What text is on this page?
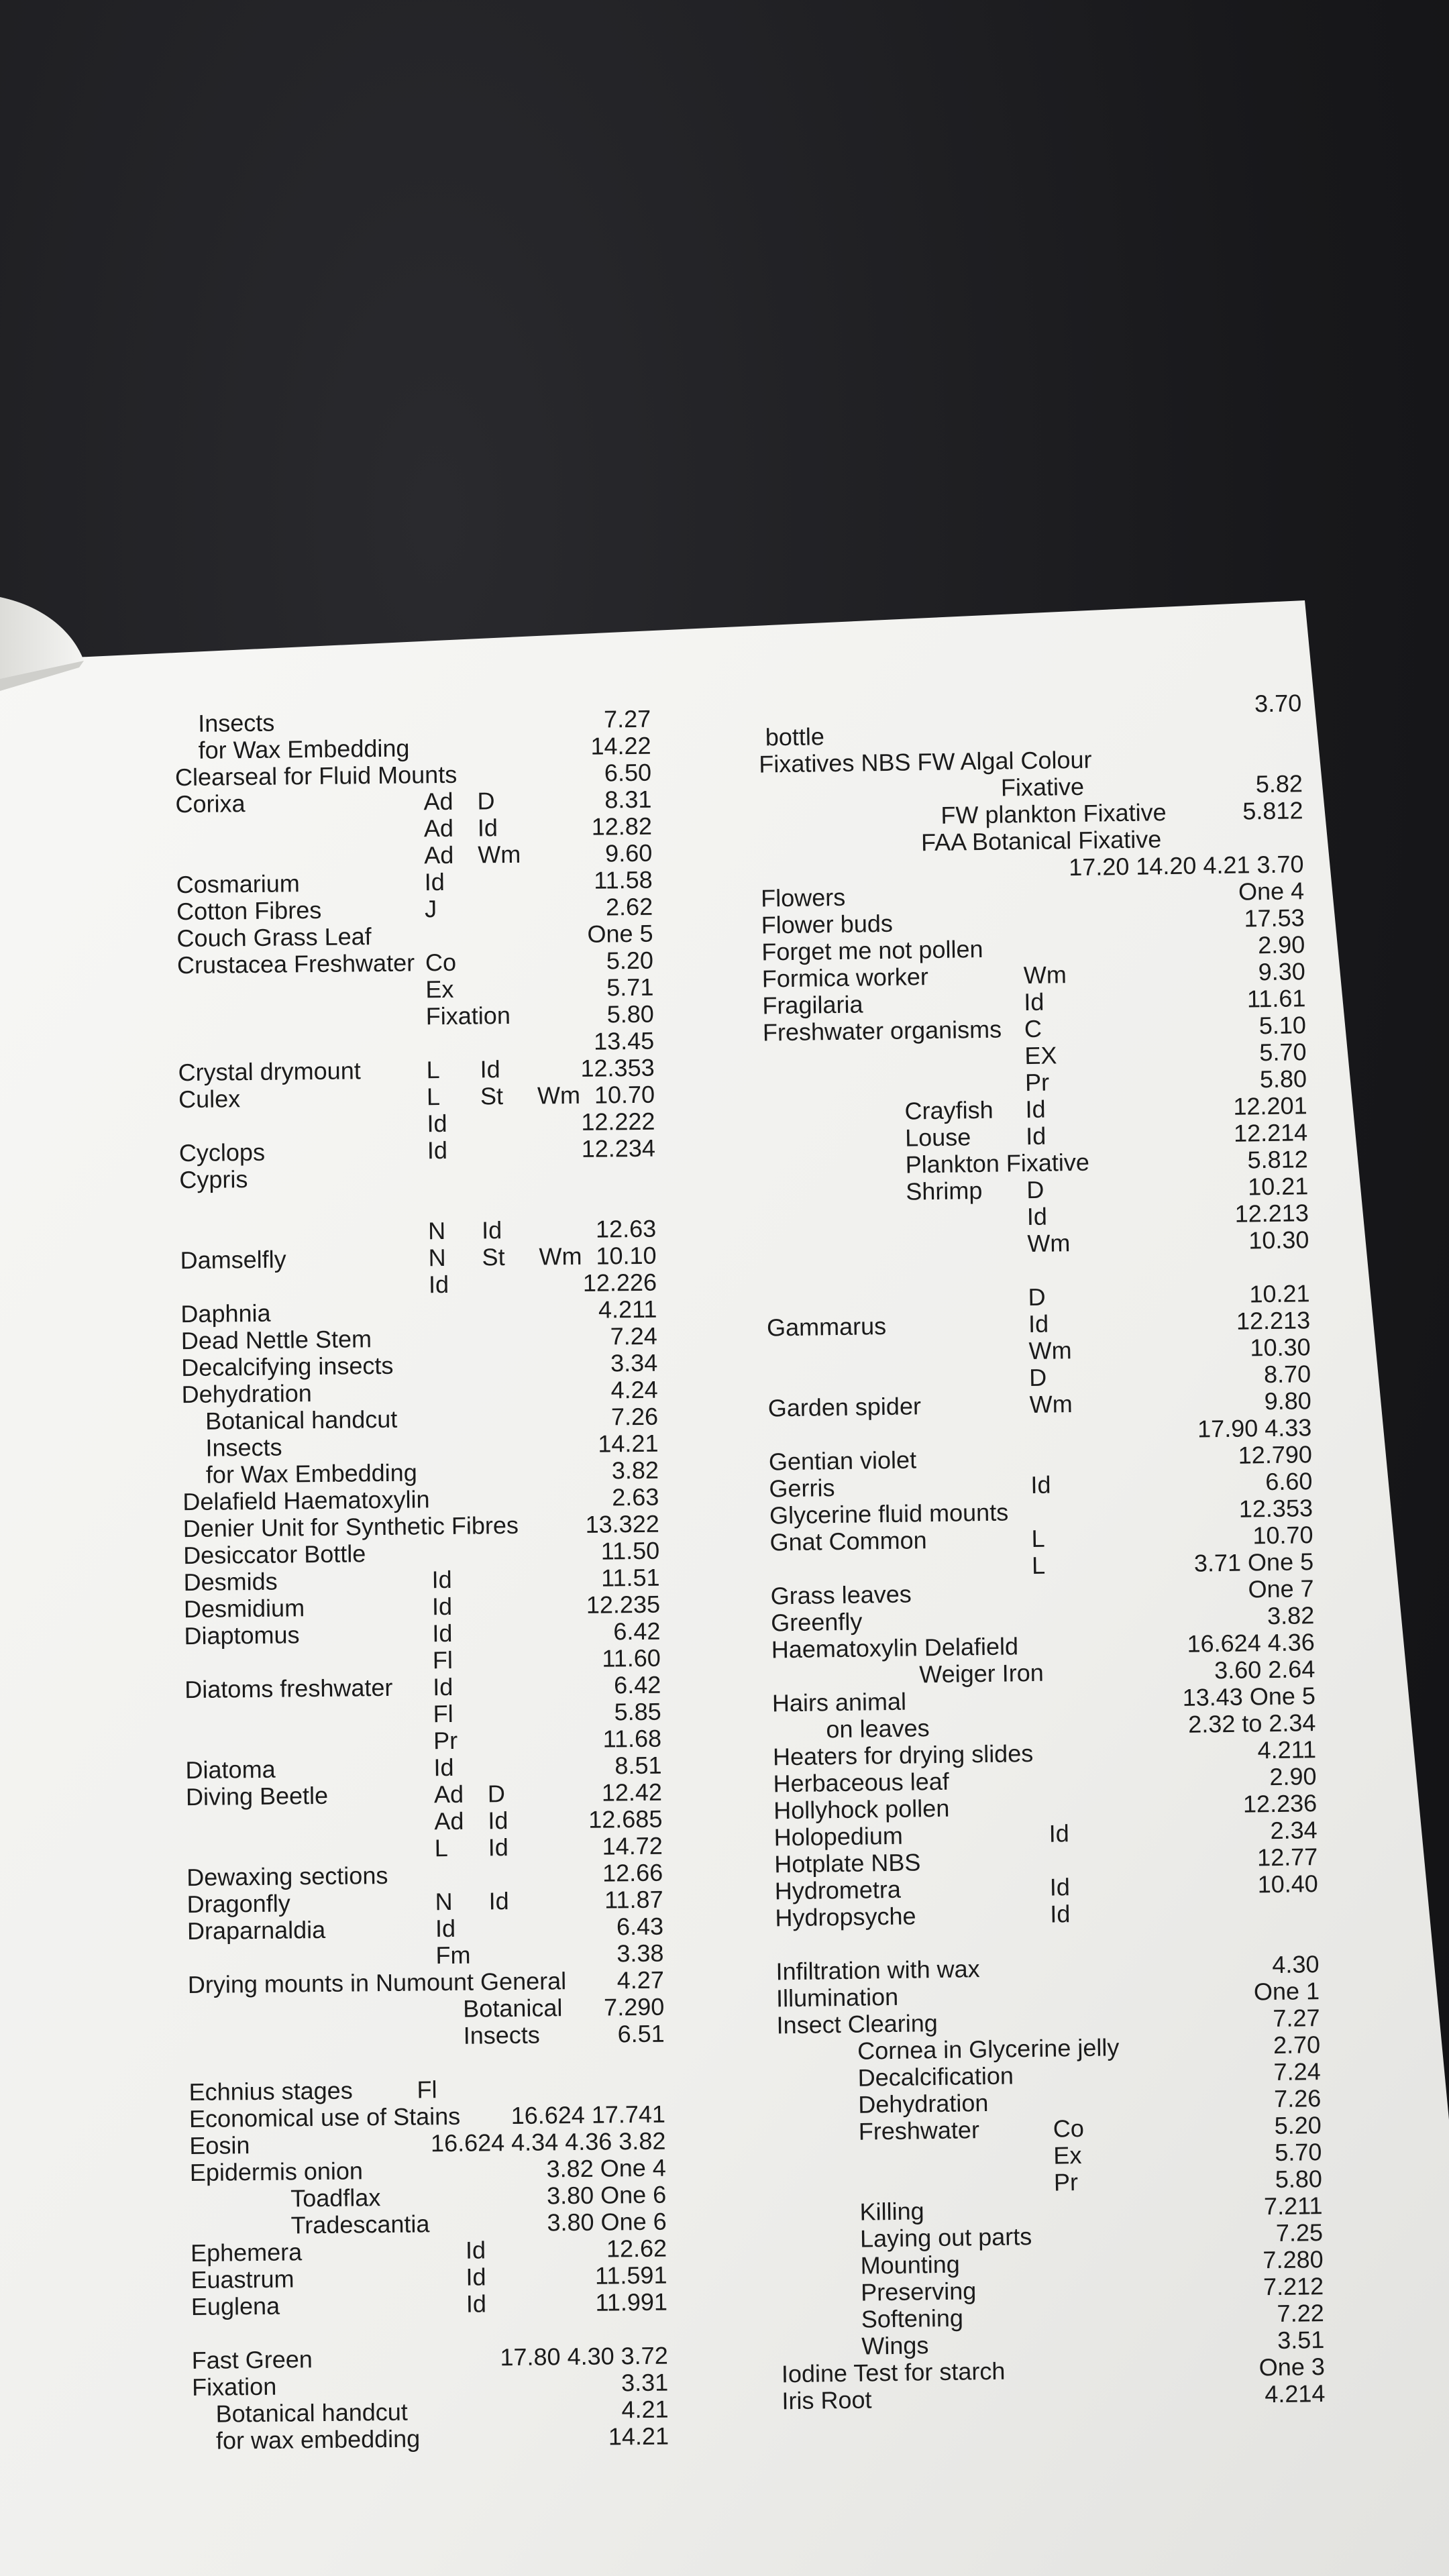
Insects	7.27
for Wax Embedding	14.22
Clearseal for Fluid Mounts	6.50
Corixa	Ad D	8.31
Ad Id	12.82
Ad Wm	9.60
Cosmarium	Id	11.58
Cotton Fibres	J	2.62
Couch Grass Leaf	One 5
Crustacea Freshwater Co	5.20
Ex	5.71
Fixation	5.80
13.45
Crystal drymount	L Id	12.353
Culex	L St Wm 10.70
Id	12.222
Cyclops	Id	12.234
Cypris
N Id	12.63
Damselfly	N St Wm 10.10
Id	12.226
Daphnia	4.211
Dead Nettle Stem	7.24
Decalcifying insects	3.34
Dehydration	4.24
Botanical handcut	7.26
Insects	14.21
for Wax Embedding	3.82
Delafield Haematoxylin	2.63
Denier Unit for Synthetic Fibres	13.322
Desiccator Bottle	11.50
Desmids	Id	11.51
Desmidium	Id	12.235
Diaptomus	Id	6.42
Fl	11.60
Diatoms freshwater Id	6.42
Fl	5.85
Pr	11.68
Diatoma	Id	8.51
Diving Beetle	Ad D	12.42
Ad Id	12.685
L Id	14.72
Dewaxing sections	12.66
Dragonfly	N Id	11.87
Draparnaldia	Id	6.43
Fm	3.38
Drying mounts in Numount General 4.27
Botanical 7.290
Insects	6.51
Echnius stages	Fl
Economical use of Stains 16.624 17.741
Eosin	16.624 4.34 4.36 3.82
Epidermis onion	3.82 One 4
Toadflax	3.80 One 6
Tradescantia	3.80 One 6
Ephemera	Id	12.62
Euastrum	Id	11.591
Euglena	Id	11.991
Fast Green	17.80 4.30 3.72
Fixation	3.31
Botanical handcut	4.21
for wax embedding	14.21
3.70
bottle
Fixatives NBS FW Algal Colour
Fixative	5.82
FW plankton Fixative	5.812
FAA Botanical Fixative
17.20 14.20 4.21 3.70
Flowers	One 4
Flower buds	17.53
Forget me not pollen	2.90
Formica worker	Wm	9.30
Fragilaria	Id	11.61
Freshwater organisms C	5.10
EX	5.70
Pr	5.80
Crayfish Id	12.201
Louse Id	12.214
Plankton Fixative	5.812
Shrimp D	10.21
Id	12.213
Wm	10.30
D	10.21
Gammarus	Id	12.213
Wm	10.30
D	8.70
Garden spider	Wm	9.80
17.90 4.33
Gentian violet	12.790
Gerris	Id	6.60
Glycerine fluid mounts	12.353
Gnat Common	L	10.70
L	3.71 One 5
Grass leaves	One 7
Greenfly	3.82
Haematoxylin Delafield	16.624 4.36
Weiger Iron	3.60 2.64
Hairs animal	13.43 One 5
on leaves	2.32 to 2.34
Heaters for drying slides	4.211
Herbaceous leaf	2.90
Hollyhock pollen	12.236
Holopedium	Id	2.34
Hotplate NBS	12.77
Hydrometra	Id	10.40
Hydropsyche	Id
Infiltration with wax	4.30
Illumination	One 1
Insect Clearing	7.27
Cornea in Glycerine jelly	2.70
Decalcification	7.24
Dehydration	7.26
Freshwater	Co	5.20
Ex	5.70
Pr	5.80
Killing	7.211
Laying out parts	7.25
Mounting	7.280
Preserving	7.212
Softening	7.22
Wings	3.51
Iodine Test for starch	One 3
Iris Root	4.214
